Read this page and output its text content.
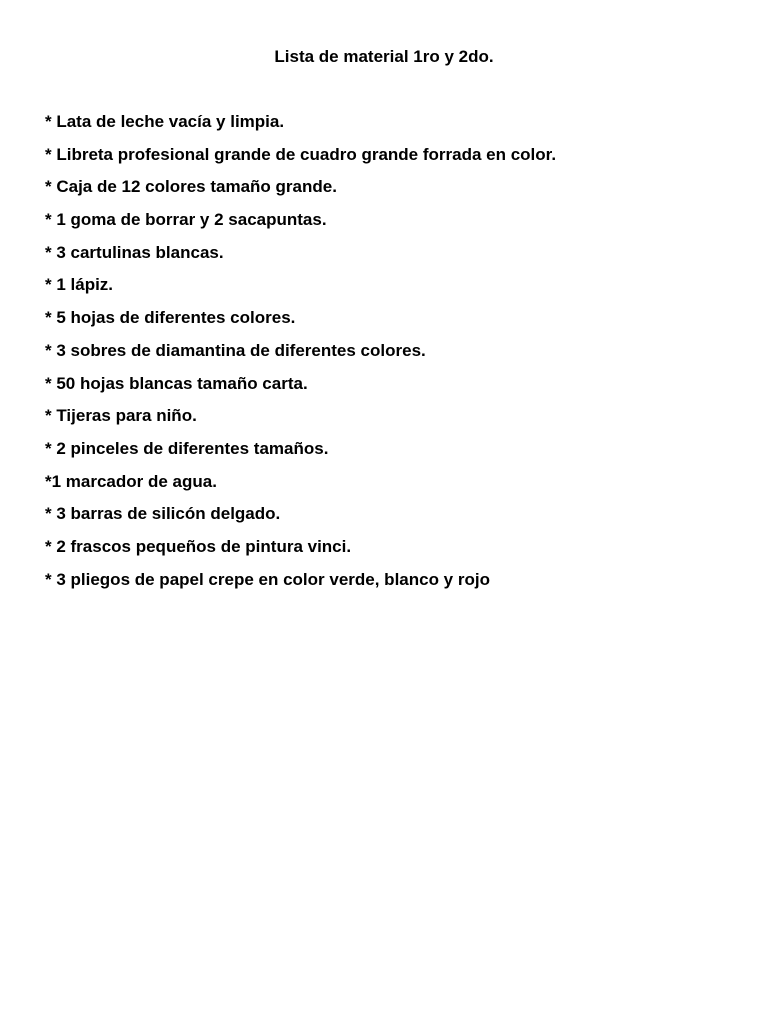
Lista de material 1ro y 2do.
* Lata de leche vacía y limpia.
* Libreta profesional grande de cuadro grande forrada en color.
* Caja de 12 colores tamaño grande.
* 1 goma de borrar y 2 sacapuntas.
* 3 cartulinas blancas.
* 1 lápiz.
* 5 hojas de diferentes colores.
* 3 sobres de diamantina de diferentes colores.
* 50 hojas blancas tamaño carta.
* Tijeras para niño.
* 2 pinceles de diferentes tamaños.
*1 marcador de agua.
* 3 barras de silicón delgado.
* 2 frascos pequeños de pintura vinci.
* 3 pliegos de papel crepe en color verde, blanco y rojo
